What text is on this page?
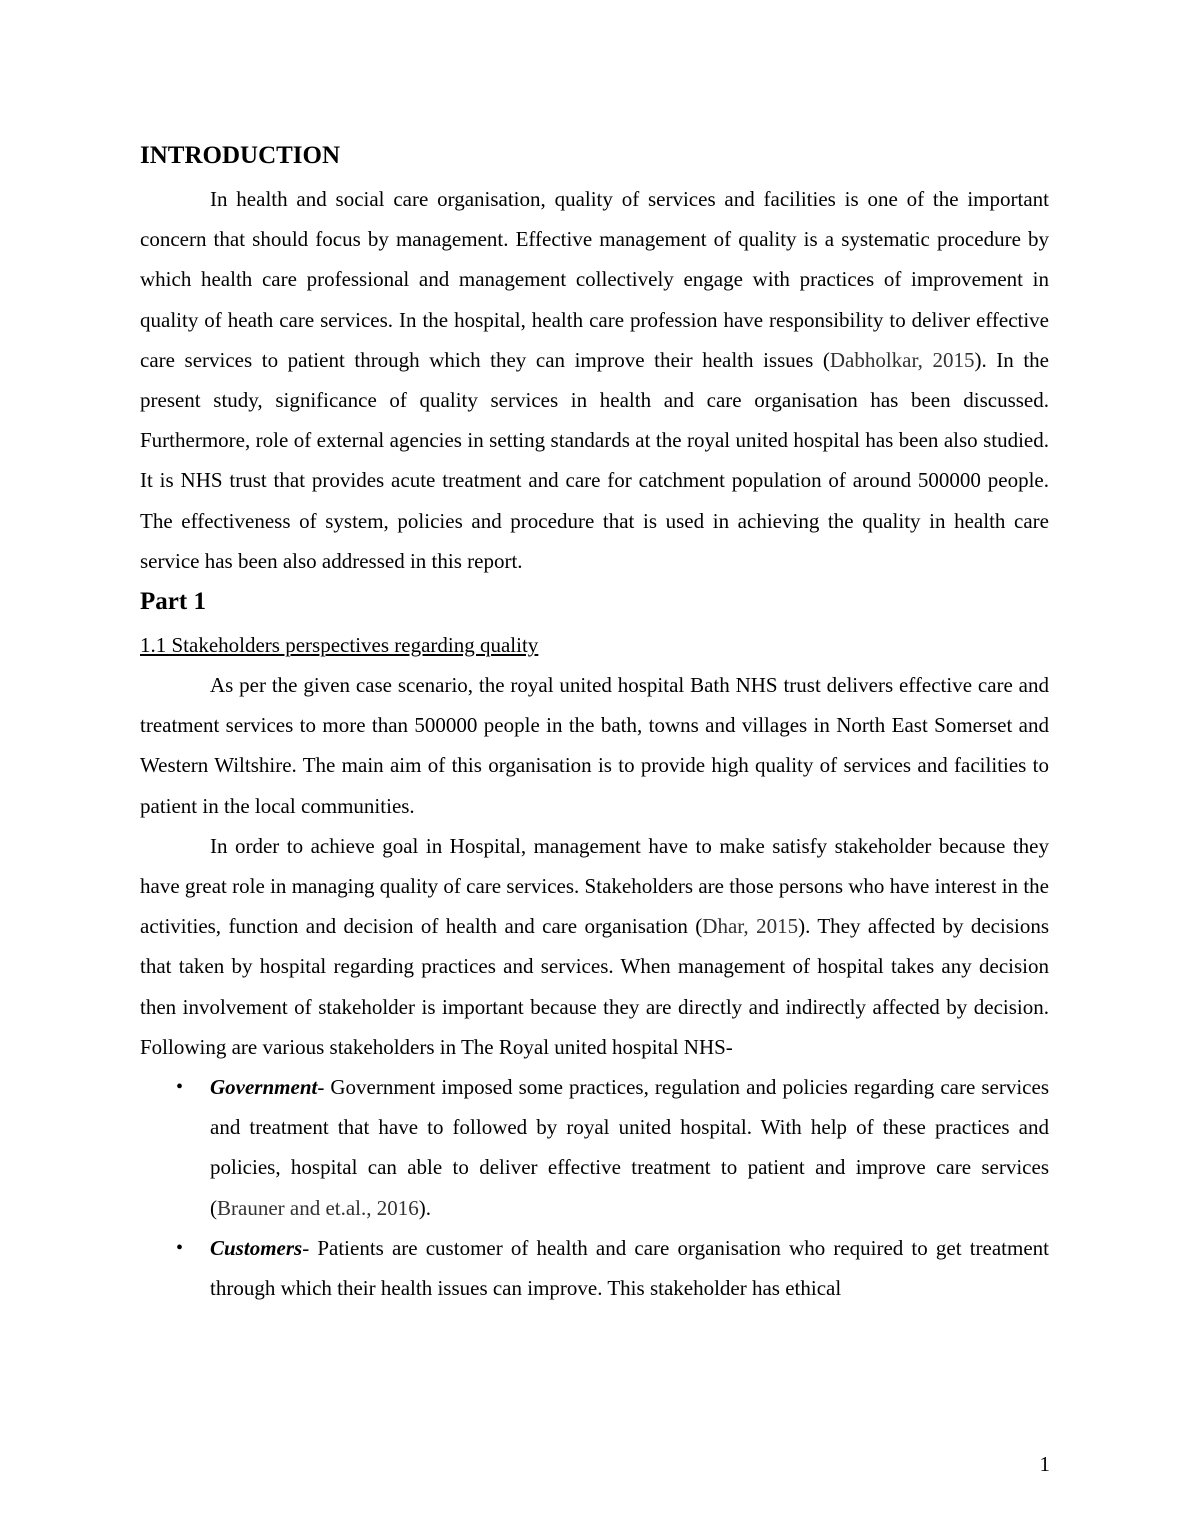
INTRODUCTION

In health and social care organisation, quality of services and facilities is one of the important concern that should focus by management. Effective management of quality is a systematic procedure by which health care professional and management collectively engage with practices of improvement in quality of heath care services. In the hospital, health care profession have responsibility to deliver effective care services to patient through which they can improve their health issues (Dabholkar, 2015). In the present study, significance of quality services in health and care organisation has been discussed. Furthermore, role of external agencies in setting standards at the royal united hospital has been also studied. It is NHS trust that provides acute treatment and care for catchment population of around 500000 people. The effectiveness of system, policies and procedure that is used in achieving the quality in health care service has been also addressed in this report.

Part 1
1.1 Stakeholders perspectives regarding quality

As per the given case scenario, the royal united hospital Bath NHS trust delivers effective care and treatment services to more than 500000 people in the bath, towns and villages in North East Somerset and Western Wiltshire. The main aim of this organisation is to provide high quality of services and facilities to patient in the local communities.

In order to achieve goal in Hospital, management have to make satisfy stakeholder because they have great role in managing quality of care services. Stakeholders are those persons who have interest in the activities, function and decision of health and care organisation (Dhar, 2015). They affected by decisions that taken by hospital regarding practices and services. When management of hospital takes any decision then involvement of stakeholder is important because they are directly and indirectly affected by decision. Following are various stakeholders in The Royal united hospital NHS-

• Government- Government imposed some practices, regulation and policies regarding care services and treatment that have to followed by royal united hospital. With help of these practices and policies, hospital can able to deliver effective treatment to patient and improve care services (Brauner and et.al., 2016).
• Customers- Patients are customer of health and care organisation who required to get treatment through which their health issues can improve. This stakeholder has ethical
1
